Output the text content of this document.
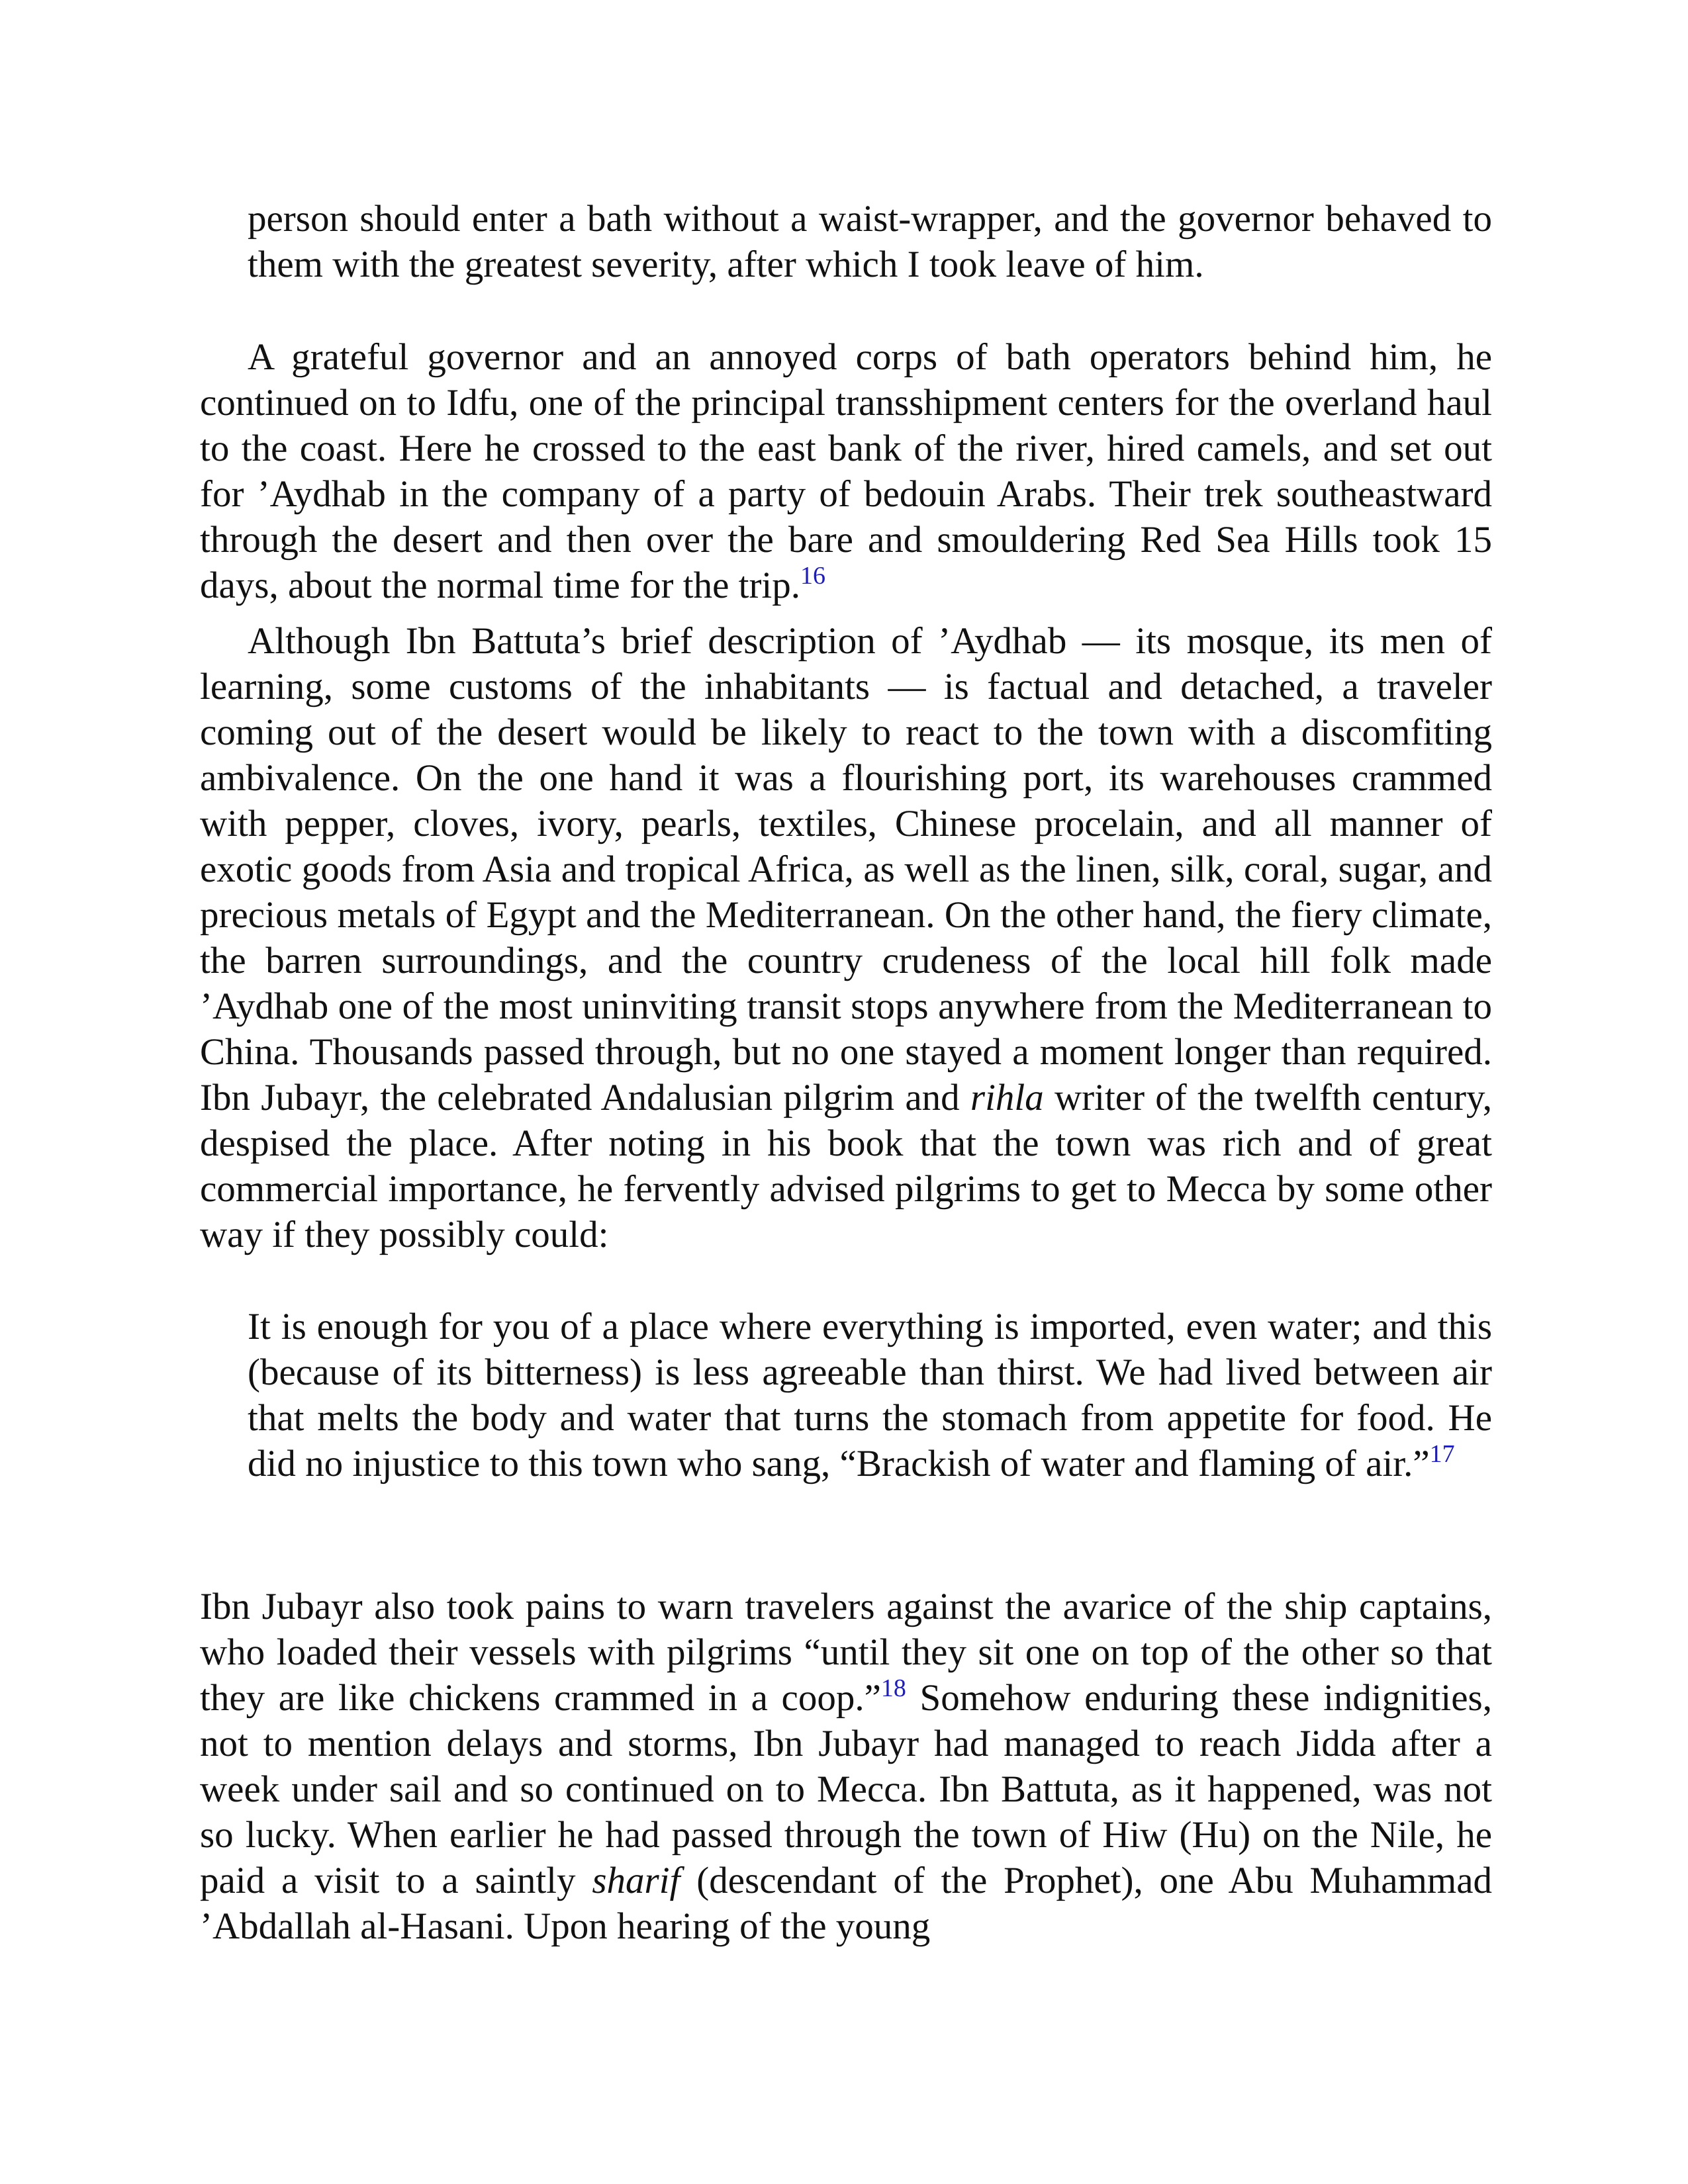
person should enter a bath without a waist-wrapper, and the governor behaved to them with the greatest severity, after which I took leave of him.
A grateful governor and an annoyed corps of bath operators behind him, he continued on to Idfu, one of the principal transshipment centers for the overland haul to the coast. Here he crossed to the east bank of the river, hired camels, and set out for ’Aydhab in the company of a party of bedouin Arabs. Their trek southeastward through the desert and then over the bare and smouldering Red Sea Hills took 15 days, about the normal time for the trip.$^{16}$
Although Ibn Battuta’s brief description of ’Aydhab — its mosque, its men of learning, some customs of the inhabitants — is factual and detached, a traveler coming out of the desert would be likely to react to the town with a discomfiting ambivalence. On the one hand it was a flourishing port, its warehouses crammed with pepper, cloves, ivory, pearls, textiles, Chinese procelain, and all manner of exotic goods from Asia and tropical Africa, as well as the linen, silk, coral, sugar, and precious metals of Egypt and the Mediterranean. On the other hand, the fiery climate, the barren surroundings, and the country crudeness of the local hill folk made ’Aydhab one of the most uninviting transit stops anywhere from the Mediterranean to China. Thousands passed through, but no one stayed a moment longer than required. Ibn Jubayr, the celebrated Andalusian pilgrim and rihla writer of the twelfth century, despised the place. After noting in his book that the town was rich and of great commercial importance, he fervently advised pilgrims to get to Mecca by some other way if they possibly could:
It is enough for you of a place where everything is imported, even water; and this (because of its bitterness) is less agreeable than thirst. We had lived between air that melts the body and water that turns the stomach from appetite for food. He did no injustice to this town who sang, “Brackish of water and flaming of air.”$^{17}$
Ibn Jubayr also took pains to warn travelers against the avarice of the ship captains, who loaded their vessels with pilgrims “until they sit one on top of the other so that they are like chickens crammed in a coop.”$^{18}$ Somehow enduring these indignities, not to mention delays and storms, Ibn Jubayr had managed to reach Jidda after a week under sail and so continued on to Mecca. Ibn Battuta, as it happened, was not so lucky. When earlier he had passed through the town of Hiw (Hu) on the Nile, he paid a visit to a saintly sharif (descendant of the Prophet), one Abu Muhammad ’Abdallah al-Hasani. Upon hearing of the young
